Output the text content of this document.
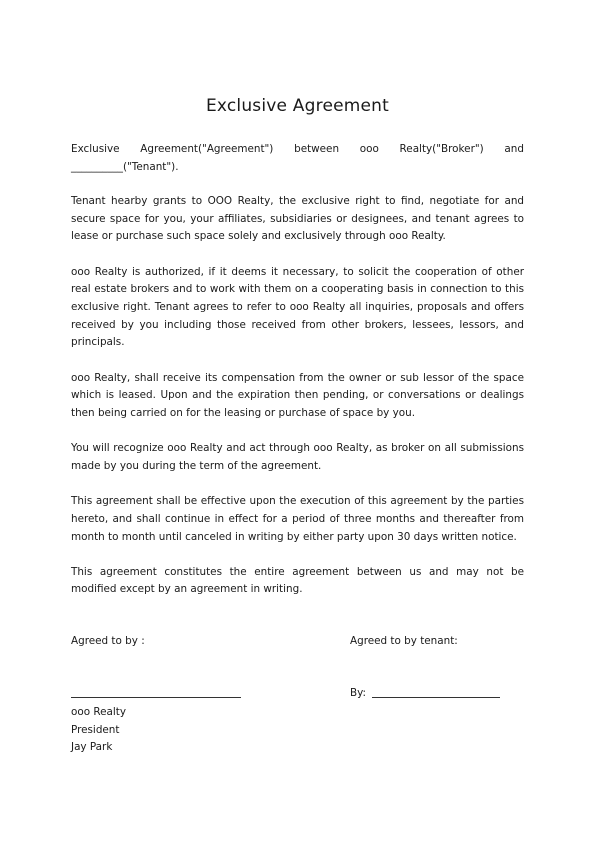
Exclusive Agreement
Exclusive Agreement("Agreement") between ooo Realty("Broker") and
__________("Tenant").

Tenant hearby grants to OOO Realty, the exclusive right to find, negotiate for and secure space for you, your affiliates, subsidiaries or designees, and tenant agrees to lease or purchase such space solely and exclusively through ooo Realty.

ooo Realty is authorized, if it deems it necessary, to solicit the cooperation of other real estate brokers and to work with them on a cooperating basis in connection to this exclusive right. Tenant agrees to refer to ooo Realty all inquiries, proposals and offers received by you including those received from other brokers, lessees, lessors, and principals.

ooo Realty, shall receive its compensation from the owner or sub lessor of the space which is leased. Upon and the expiration then pending, or conversations or dealings then being carried on for the leasing or purchase of space by you.

You will recognize ooo Realty and act through ooo Realty, as broker on all submissions made by you during the term of the agreement.

This agreement shall be effective upon the execution of this agreement by the parties hereto, and shall continue in effect for a period of three months and thereafter from month to month until canceled in writing by either party upon 30 days written notice.

This agreement constitutes the entire agreement between us and may not be modified except by an agreement in writing.

Agreed to by :	Agreed to by tenant:
By:
ooo Realty
President
Jay Park
